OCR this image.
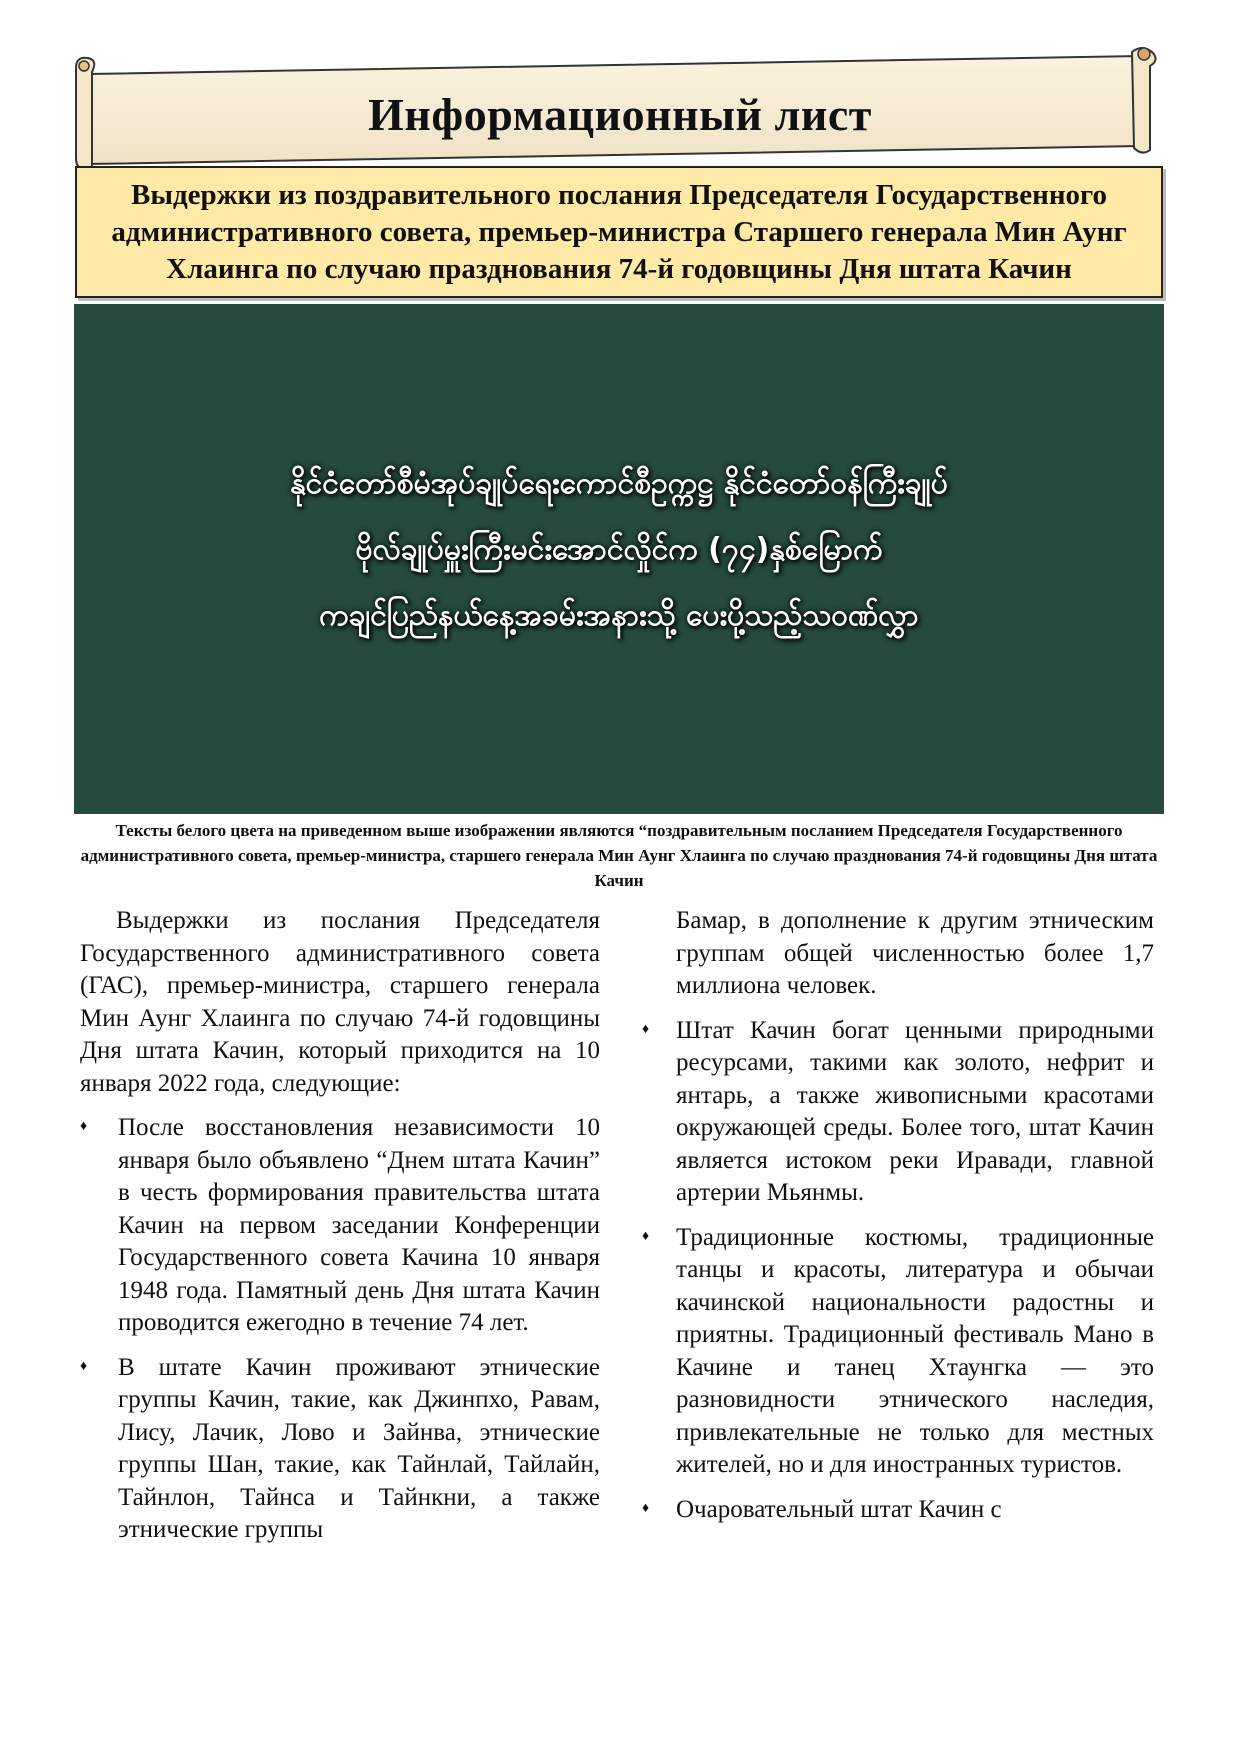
Информационный лист
Выдержки из поздравительного послания Председателя Государственного административного совета, премьер-министра Старшего генерала Мин Аунг Хлаинга по случаю празднования 74-й годовщины Дня штата Качин
နိုင်ငံတော်စီမံအုပ်ချုပ်ရေးကောင်စီဥက္ကဋ္ဌ နိုင်ငံတော်ဝန်ကြီးချုပ်
ဗိုလ်ချုပ်မှူးကြီးမင်းအောင်လှိုင်က (၇၄)နှစ်မြောက်
ကချင်ပြည်နယ်နေ့အခမ်းအနားသို့ ပေးပို့သည့်သဝဏ်လွှာ
Тексты белого цвета на приведенном выше изображении являются “поздравительным посланием Председателя Государственного административного совета, премьер-министра, старшего генерала Мин Аунг Хлаинга по случаю празднования 74-й годовщины Дня штата Качин

Выдержки из послания Председателя Государственного административного совета (ГАС), премьер-министра, старшего генерала Мин Аунг Хлаинга по случаю 74-й годовщины Дня штата Качин, который приходится на 10 января 2022 года, следующие:

♦ После восстановления независимости 10 января было объявлено “Днем штата Качин” в честь формирования правительства штата Качин на первом заседании Конференции Государственного совета Качина 10 января 1948 года. Памятный день Дня штата Качин проводится ежегодно в течение 74 лет.
♦ В штате Качин проживают этнические группы Качин, такие, как Джинпхо, Равам, Лису, Лачик, Лово и Зайнва, этнические группы Шан, такие, как Тайнлай, Тайлайн, Тайнлон, Тайнса и Тайнкни, а также этнические группы

Бамар, в дополнение к другим этническим группам общей численностью более 1,7 миллиона человек.

♦ Штат Качин богат ценными природными ресурсами, такими как золото, нефрит и янтарь, а также живописными красотами окружающей среды. Более того, штат Качин является истоком реки Иравади, главной артерии Мьянмы.
♦ Традиционные костюмы, традиционные танцы и красоты, литература и обычаи качинской национальности радостны и приятны. Традиционный фестиваль Мано в Качине и танец Хтаунгка — это разновидности этнического наследия, привлекательные не только для местных жителей, но и для иностранных туристов.
♦ Очаровательный штат Качин с
